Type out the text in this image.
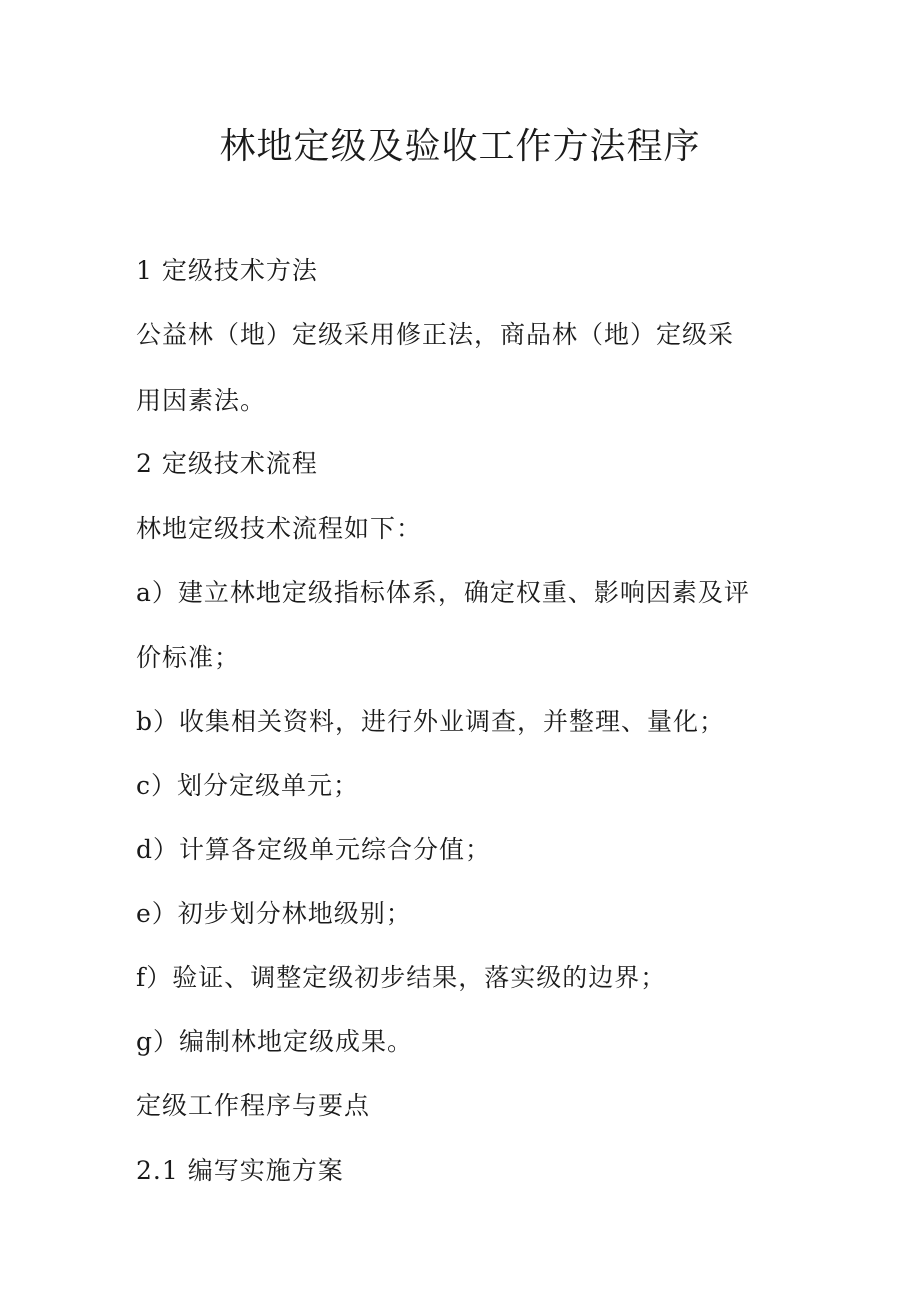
林地定级及验收工作方法程序
1 定级技术方法
公益林（地）定级采用修正法，商品林（地）定级采
用因素法。
2 定级技术流程
林地定级技术流程如下：
a）建立林地定级指标体系，确定权重、影响因素及评
价标准；
b）收集相关资料，进行外业调查，并整理、量化；
c）划分定级单元；
d）计算各定级单元综合分值；
e）初步划分林地级别；
f）验证、调整定级初步结果，落实级的边界；
g）编制林地定级成果。
定级工作程序与要点
2.1 编写实施方案
